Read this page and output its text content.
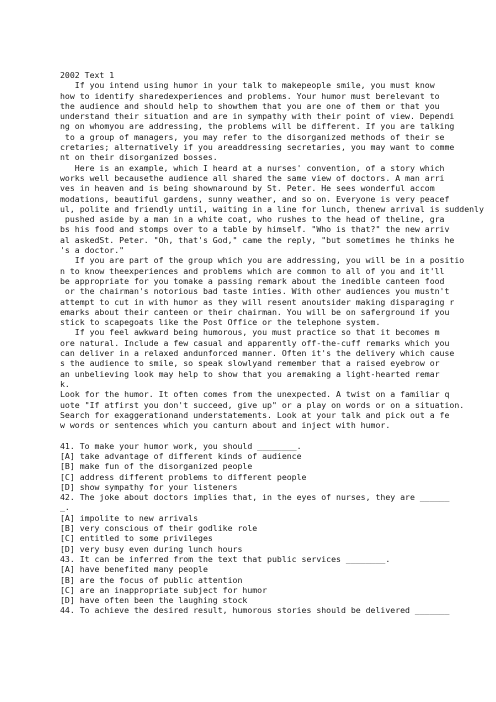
2002 Text 1
If you intend using humor in your talk to makepeople smile, you must know
how to identify sharedexperiences and problems. Your humor must berelevant to
the audience and should help to showthem that you are one of them or that you
understand their situation and are in sympathy with their point of view. Dependi
ng on whomyou are addressing, the problems will be different. If you are talking
to a group of managers, you may refer to the disorganized methods of their se
cretaries; alternatively if you areaddressing secretaries, you may want to comme
nt on their disorganized bosses.
Here is an example, which I heard at a nurses' convention, of a story which
works well becausethe audience all shared the same view of doctors. A man arri
ves in heaven and is being shownaround by St. Peter. He sees wonderful accom
modations, beautiful gardens, sunny weather, and so on. Everyone is very peacef
ul, polite and friendly until, waiting in a line for lunch, thenew arrival is suddenly
pushed aside by a man in a white coat, who rushes to the head of theline, gra
bs his food and stomps over to a table by himself. "Who is that?" the new arriv
al askedSt. Peter. "Oh, that's God," came the reply, "but sometimes he thinks he
's a doctor."
If you are part of the group which you are addressing, you will be in a positio
n to know theexperiences and problems which are common to all of you and it'll
be appropriate for you tomake a passing remark about the inedible canteen food
or the chairman's notorious bad taste inties. With other audiences you mustn't
attempt to cut in with humor as they will resent anoutsider making disparaging r
emarks about their canteen or their chairman. You will be on saferground if you
stick to scapegoats like the Post Office or the telephone system.
If you feel awkward being humorous, you must practice so that it becomes m
ore natural. Include a few casual and apparently off-the-cuff remarks which you
can deliver in a relaxed andunforced manner. Often it's the delivery which cause
s the audience to smile, so speak slowlyand remember that a raised eyebrow or
an unbelieving look may help to show that you aremaking a light-hearted remar
k.
Look for the humor. It often comes from the unexpected. A twist on a familiar q
uote "If atfirst you don't succeed, give up" or a play on words or on a situation.
Search for exaggerationand understatements. Look at your talk and pick out a fe
w words or sentences which you canturn about and inject with humor.
41. To make your humor work, you should ________.
[A] take advantage of different kinds of audience
[B] make fun of the disorganized people
[C] address different problems to different people
[D] show sympathy for your listeners
42. The joke about doctors implies that, in the eyes of nurses, they are ______
_.
[A] impolite to new arrivals
[B] very conscious of their godlike role
[C] entitled to some privileges
[D] very busy even during lunch hours
43. It can be inferred from the text that public services ________.
[A] have benefited many people
[B] are the focus of public attention
[C] are an inappropriate subject for humor
[D] have often been the laughing stock
44. To achieve the desired result, humorous stories should be delivered _______
